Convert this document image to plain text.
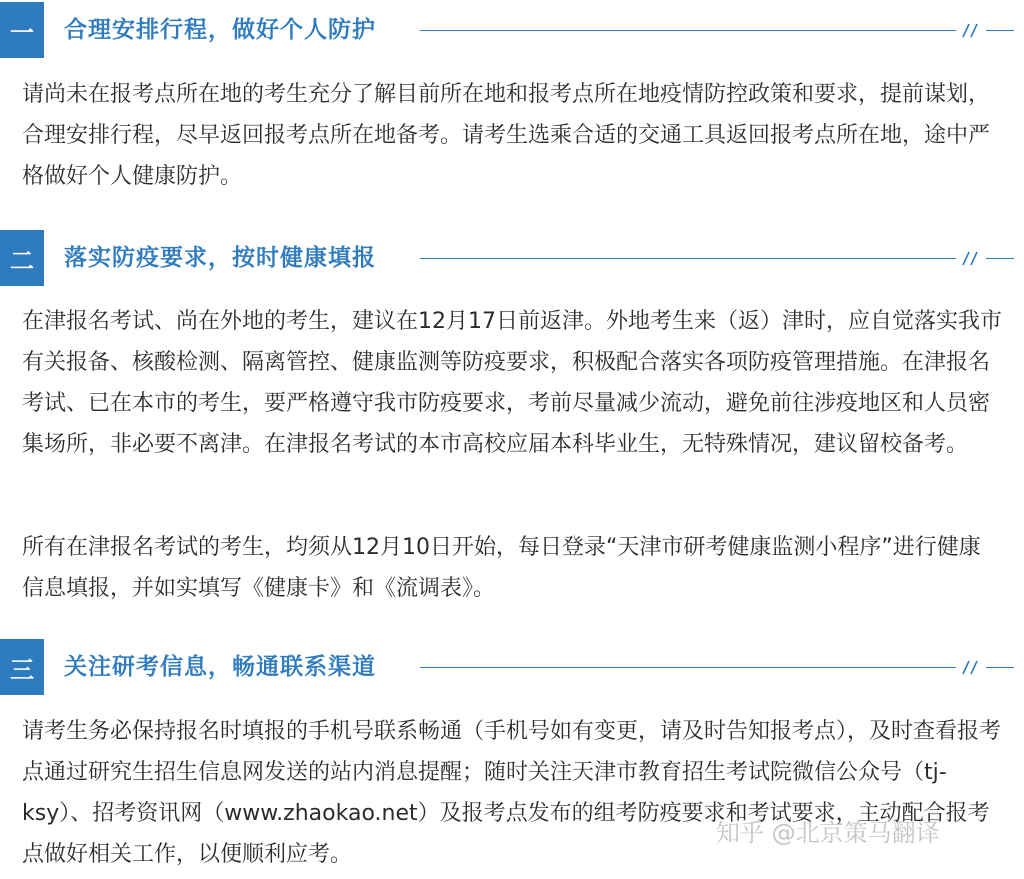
一	合理安排行程，做好个人防护

请尚未在报考点所在地的考生充分了解目前所在地和报考点所在地疫情防控政策和要求，提前谋划，合理安排行程，尽早返回报考点所在地备考。请考生选乘合适的交通工具返回报考点所在地，途中严格做好个人健康防护。

二	落实防疫要求，按时健康填报

在津报名考试、尚在外地的考生，建议在12月17日前返津。外地考生来（返）津时，应自觉落实我市有关报备、核酸检测、隔离管控、健康监测等防疫要求，积极配合落实各项防疫管理措施。在津报名考试、已在本市的考生，要严格遵守我市防疫要求，考前尽量减少流动，避免前往涉疫地区和人员密集场所，非必要不离津。在津报名考试的本市高校应届本科毕业生，无特殊情况，建议留校备考。

所有在津报名考试的考生，均须从12月10日开始，每日登录“天津市研考健康监测小程序”进行健康信息填报，并如实填写《健康卡》和《流调表》。

三	关注研考信息，畅通联系渠道

请考生务必保持报名时填报的手机号联系畅通（手机号如有变更，请及时告知报考点），及时查看报考点通过研究生招生信息网发送的站内消息提醒；随时关注天津市教育招生考试院微信公众号（tj-ksy）、招考资讯网（www.zhaokao.net）及报考点发布的组考防疫要求和考试要求，主动配合报考点做好相关工作，以便顺利应考。

知乎 @北京策马翻译
